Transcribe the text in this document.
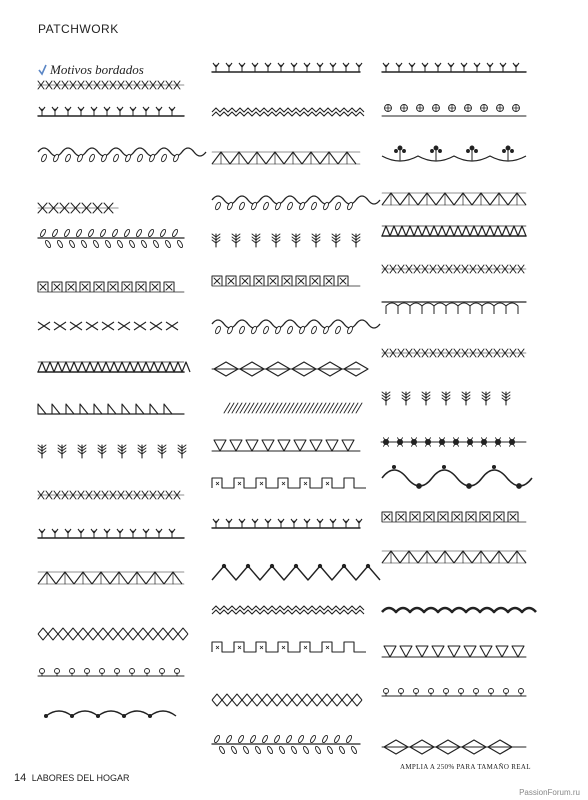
PATCHWORK
Motivos bordados
AMPLIA A 250% PARA TAMAÑO REAL
14 LABORES DEL HOGAR
PassionForum.ru
